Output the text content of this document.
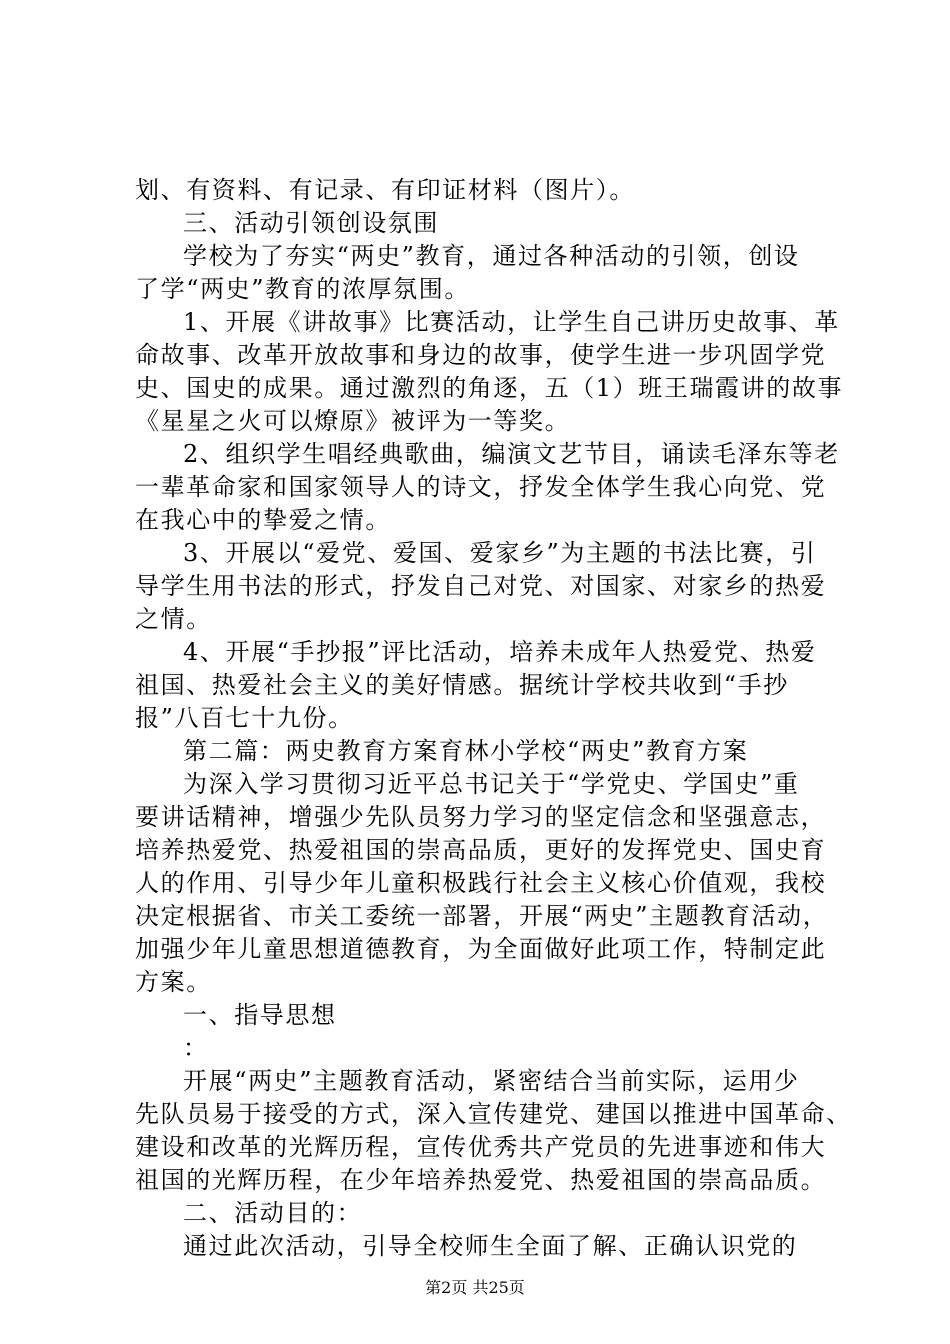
划、有资料、有记录、有印证材料（图片）。
三、活动引领创设氛围
学校为了夯实“两史”教育，通过各种活动的引领，创设
了学“两史”教育的浓厚氛围。
1、开展《讲故事》比赛活动，让学生自己讲历史故事、革
命故事、改革开放故事和身边的故事，使学生进一步巩固学党
史、国史的成果。通过激烈的角逐，五（1）班王瑞霞讲的故事
《星星之火可以燎原》被评为一等奖。
2、组织学生唱经典歌曲，编演文艺节目，诵读毛泽东等老
一辈革命家和国家领导人的诗文，抒发全体学生我心向党、党
在我心中的挚爱之情。
3、开展以“爱党、爱国、爱家乡”为主题的书法比赛，引
导学生用书法的形式，抒发自己对党、对国家、对家乡的热爱
之情。
4、开展“手抄报”评比活动，培养未成年人热爱党、热爱
祖国、热爱社会主义的美好情感。据统计学校共收到“手抄
报”八百七十九份。
第二篇：两史教育方案育林小学校“两史”教育方案
为深入学习贯彻习近平总书记关于“学党史、学国史”重
要讲话精神，增强少先队员努力学习的坚定信念和坚强意志，
培养热爱党、热爱祖国的崇高品质，更好的发挥党史、国史育
人的作用、引导少年儿童积极践行社会主义核心价值观，我校
决定根据省、市关工委统一部署，开展“两史”主题教育活动，
加强少年儿童思想道德教育，为全面做好此项工作，特制定此
方案。
一、指导思想
：
开展“两史”主题教育活动，紧密结合当前实际，运用少
先队员易于接受的方式，深入宣传建党、建国以推进中国革命、
建设和改革的光辉历程，宣传优秀共产党员的先进事迹和伟大
祖国的光辉历程，在少年培养热爱党、热爱祖国的崇高品质。
二、活动目的：
通过此次活动，引导全校师生全面了解、正确认识党的
第2页 共25页
